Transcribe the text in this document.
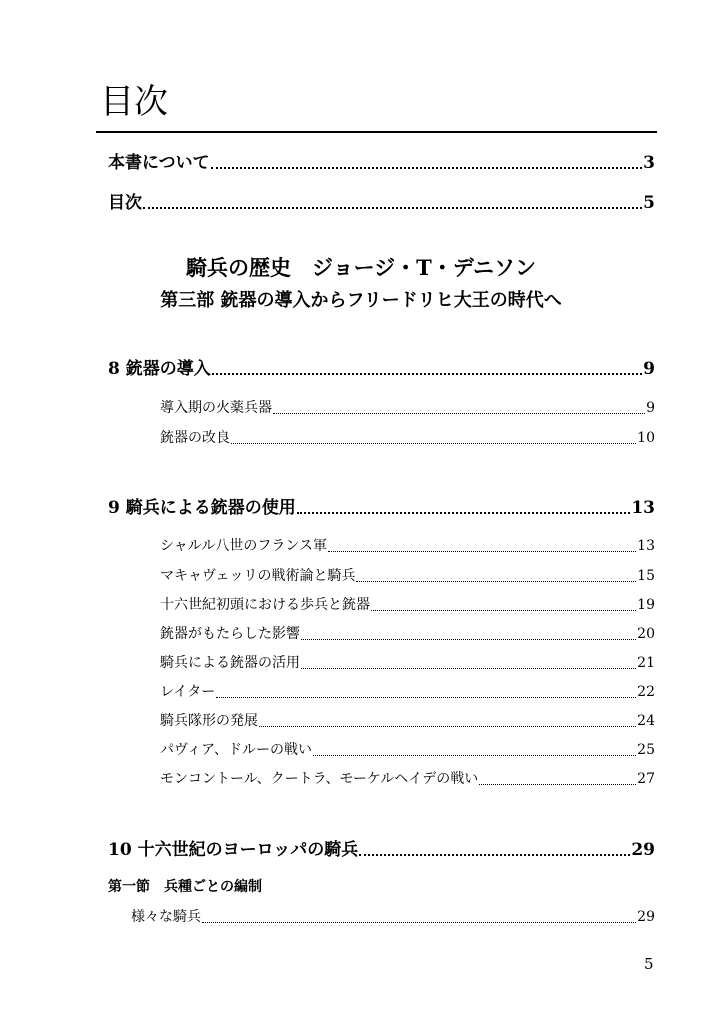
目次
本書について	3
目次	5
騎兵の歴史　ジョージ・T・デニソン
第三部 銃器の導入からフリードリヒ大王の時代へ
8 銃器の導入	9
導入期の火薬兵器	9
銃器の改良	10
9 騎兵による銃器の使用	13
シャルル八世のフランス軍	13
マキャヴェッリの戦術論と騎兵	15
十六世紀初頭における歩兵と銃器	19
銃器がもたらした影響	20
騎兵による銃器の活用	21
レイター	22
騎兵隊形の発展	24
パヴィア、ドルーの戦い	25
モンコントール、クートラ、モーケルヘイデの戦い	27
10 十六世紀のヨーロッパの騎兵	29
第一節　兵種ごとの編制
様々な騎兵	29
5
